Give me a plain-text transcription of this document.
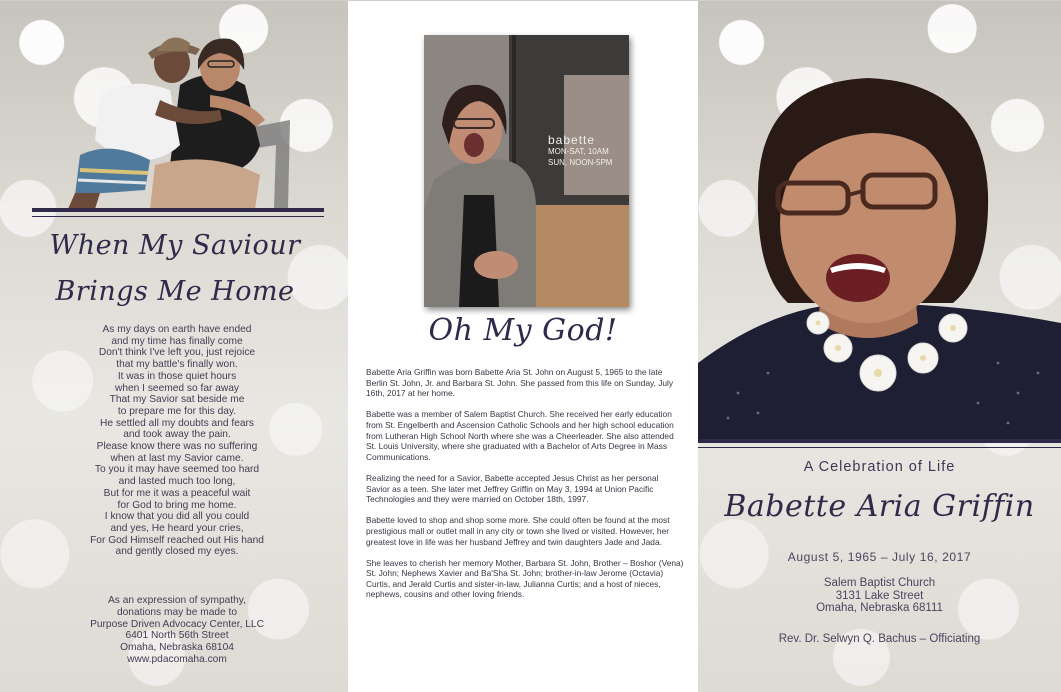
When My Saviour
Brings Me Home
As my days on earth have ended
and my time has finally come
Don't think I've left you, just rejoice
that my battle's finally won.
It was in those quiet hours
when I seemed so far away
That my Savior sat beside me
to prepare me for this day.
He settled all my doubts and fears
and took away the pain.
Please know there was no suffering
when at last my Savior came.
To you it may have seemed too hard
and lasted much too long,
But for me it was a peaceful wait
for God to bring me home.
I know that you did all you could
and yes, He heard your cries,
For God Himself reached out His hand
and gently closed my eyes.
As an expression of sympathy,
donations may be made to
Purpose Driven Advocacy Center, LLC
6401 North 56th Street
Omaha, Nebraska 68104
www.pdacomaha.com
babette
MON-SAT, 10AM
SUN, NOON-5PM
Oh My God!

Babette Aria Griffin was born Babette Aria St. John on August 5, 1965 to the late Berlin St. John, Jr. and Barbara St. John. She passed from this life on Sunday, July 16th, 2017 at her home.

Babette was a member of Salem Baptist Church. She received her early education from St. Engelberth and Ascension Catholic Schools and her high school education from Lutheran High School North where she was a Cheerleader. She also attended St. Louis University, where she graduated with a Bachelor of Arts Degree in Mass Communications.

Realizing the need for a Savior, Babette accepted Jesus Christ as her personal Savior as a teen. She later met Jeffrey Griffin on May 3, 1994 at Union Pacific Technologies and they were married on October 18th, 1997.

Babette loved to shop and shop some more. She could often be found at the most prestigious mall or outlet mall in any city or town she lived or visited. However, her greatest love in life was her husband Jeffrey and twin daughters Jade and Jada.

She leaves to cherish her memory Mother, Barbara St. John, Brother – Boshor (Vena) St. John; Nephews Xavier and Ba'Sha St. John; brother-in-law Jerome (Octavia) Curtis, and Jerald Curtis and sister-in-law, Julianna Curtis; and a host of nieces, nephews, cousins and other loving friends.

A Celebration of Life
Babette Aria Griffin
August 5, 1965 – July 16, 2017
Salem Baptist Church
3131 Lake Street
Omaha, Nebraska 68111
Rev. Dr. Selwyn Q. Bachus – Officiating
